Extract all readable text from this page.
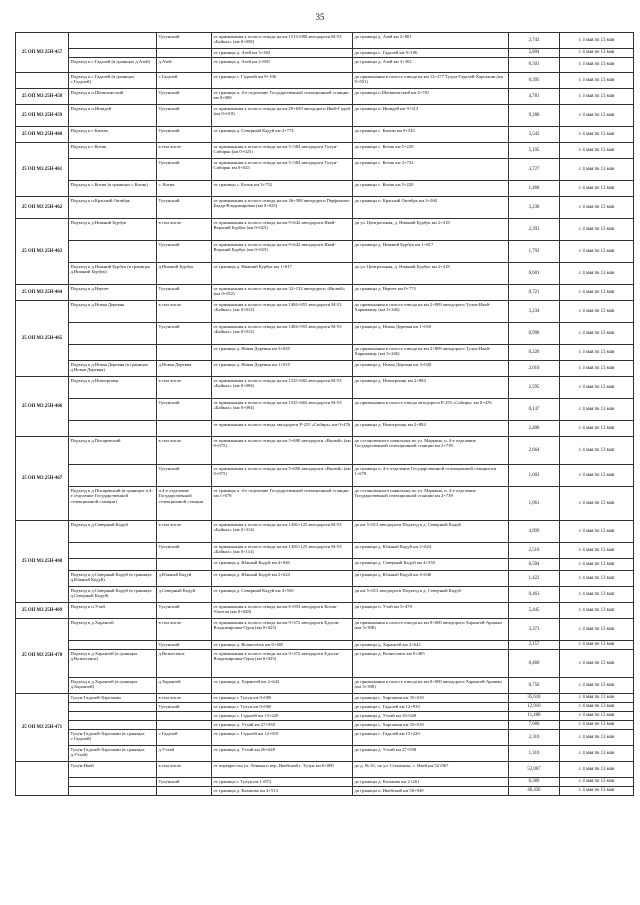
35
25 ОП МЗ 25Н-457		Тулунский	от примыкания к полосе отвода на км 1513+080 автодороги М-53 «Байкал» (км 0+058)	до границы д. Азей км 2+801	2,743	с 4 мая по 13 мая
			от границы д. Азей км 3+302	до границы с. Гадалей км 9+106	5,804	с 4 мая по 13 мая
	Подъезд к с.Гадалей (в границах д.Азей)	д.Азей	от границы д. Азей км 2+801	до границы д. Азей км 3+302	0,501	с 4 мая по 13 мая
	Подъезд к с.Гадалей (в границах с.Гадалей)	с.Гадалей	от границы с. Гадалей км 9+106	до примыкания к полосе отвода на км 12+277 Тулун-Гадалей-Харгажин (км 9+501)	0,395	с 4 мая по 13 мая
25 ОП МЗ 25Н-458	Подъезд к п.Шепшенгский	Тулунский	от границы п. 4-е отделение Государственной селекционной станции км 0+000	до границы п.Шепшенгский км 4+781	4,781	с 4 мая по 13 мая
25 ОП МЗ 25Н-459	Подъезд к п.Ишидей	Тулунский	от примыкания к полосе отвода на км 29+639 автодороги Икей-Гадуй (км 0+018)	до границы п. Ишидей км 9+313	9,288	с 4 мая по 13 мая
25 ОП МЗ 25Н-460	Подъезд к с.Килим	Тулунский	от границы д. Северный Кадуй км 4+774	до границы с. Килим км 9+543	3,543	с 4 мая по 13 мая
25 ОП МЗ 25Н-461	Подъезд к с.Котик	в том числе	от примыкания к полосе отвода на км 5+384 автодороги Тулун-Сибиряк (км 0+025)	до границы с. Котик км 5+220	5,195	с 4 мая по 13 мая
		Тулунский	от примыкания к полосе отвода на км 5+384 автодороги Тулун-Сибиряк км 0+025	до границы с. Котик км 3+752	3,727	с 4 мая по 13 мая
	Подъезд к с.Котик (в границах с.Котик)	с. Котик	от границы с. Котик км 3+752	до границы с. Котик км 5+220	1,468	с 4 мая по 13 мая
25 ОП МЗ 25Н-462	Подъезд к п.Красный Октябрь	Тулунский	от примыкания к полосе отвода на км 36+588 автодороги Перфилово-Бадар-Владимировка (км 0+025)	до границы п. Красный Октябрь км 3+260	3,238	с 4 мая по 13 мая
25 ОП МЗ 25Н-463	Подъезд к д.Нижний Бурбук	в том числе	от примыкания к полосе отвода на км 9+642 автодороги Икей-Верхний Бурбук (км 0+025)	до ул. Центральная, д. Нижний Бурбук км 2+418	2,393	с 4 мая по 13 мая
		Тулунский	от примыкания к полосе отвода на км 9+642 автодороги Икей-Верхний Бурбук (км 0+025)	до границы д. Нижний Бурбук км 1+817	1,792	с 4 мая по 13 мая
	Подъезд к д.Нижний Бурбук (в границах д.Нижний Бурбук)	д.Нижний Бурбук	от границы д. Нижний Бурбук км 1+817	до ул. Центральная, д. Нижний Бурбук км 2+418	0,601	с 4 мая по 13 мая
25 ОП МЗ 25Н-464	Подъезд к д.Нерчет	Тулунский	от примыкания к полосе отвода на км 32+132 автодороги «Вилюй» (км 0+052)	до границы д. Нерчет км 0+773	0,721	с 4 мая по 13 мая
25 ОП МЗ 25Н-465	Подъезд к д.Новая Деревня	в том числе	от примыкания к полосе отвода на км 1484+955 автодороги М-53 «Байкал» (км 0+012)	до примыкания к полосе отвода на км 2+809 автодороги Тулун-Икей-Харкмажну (км 3+246)	3,234	с 4 мая по 13 мая
		Тулунский	от примыкания к полосе отвода на км 1484+955 автодороги М-53 «Байкал» (км 0+012)	до границы д. Новая Деревня км 1+010	0,998	с 4 мая по 13 мая
			от границы д. Новая Деревня км 3+020	до примыкания к полосе отвода на км 2+809 автодороги Тулун-Икей-Харкмажну (км 3+246)	0,226	с 4 мая по 13 мая
	Подъезд к д.Новая Деревня (в границах д.Новая Деревня)	д.Новая Деревня	от границы д. Новая Деревня км 1+010	до границы д. Новая Деревня км 3+020	2,010	с 4 мая по 13 мая
25 ОП МЗ 25Н-466	Подъезд к д.Новотроицк	в том числе	от примыкания к полосе отвода на км 1525+665 автодороги М-53 «Байкал» (км 0+094)	до границы д. Новотроицк км 2+884	2,595	с 4 мая по 13 мая
		Тулунский	от примыкания к полосе отвода на км 1525+665 автодороги М-53 «Байкал» (км 0+094)	до примыкания к полосе отвода автодороги Р-255 «Сибирь» км 0+476	0,147	с 4 мая по 13 мая
			от примыкания к полосе отвода автодороги Р-255 «Сибирь» км 0+476	до границы д. Новотроицк км 2+884	2,408	с 4 мая по 13 мая
25 ОП МЗ 25Н-467	Подъезд к д.Писаревский	в том числе	от примыкания к полосе отвода на км 5+690 автодороги «Вилюй» (км 0+075)	до остановочного павильона по ул. Маркина, п. 4-е отделение Государственной селекционной станции км 2+739	2,664	с 4 мая по 13 мая
		Тулунский	от примыкания к полосе отвода на км 5+690 автодороги «Вилюй» (км 0+075)	до границы п. 4-е отделение Государственной селекционной станции км 1+678	1,603	с 4 мая по 13 мая
	Подъезд к д.Писаревский (в границах п.4-е отделение Государственной селекционной станции)	п.4-е отделение Государственной селекционной станции	от границы п. 4-е отделение Государственной селекционной станции км 1+678	до остановочного павильона по ул. Маркина, п. 4-е отделение Государственной селекционной станции км 2+739	1,061	с 4 мая по 13 мая
25 ОП МЗ 25Н-468	Подъезд к д.Северный Кадуй	в том числе	от примыкания к полосе отвода на км 1456+125 автодороги М-53 «Байкал» (км 0+314)	до км 5+013 автодороги Подъезд к д. Северный Кадуй	4,899	с 4 мая по 13 мая
		Тулунский	от примыкания к полосе отвода на км 1456+125 автодороги М-53 «Байкал» (км 0+114)	до границы д. Южный Кадуй км 2+624	2,510	с 4 мая по 13 мая
			от границы д. Южный Кадуй км 4+046	до границы д. Северный Кадуй км 4+550	0,504	с 4 мая по 13 мая
	Подъезд к д.Северный Кадуй (в границах д.Южный Кадуй)	д.Южный Кадуй	от границы д. Южный Кадуй км 2+624	до границы д. Южный Кадуй км 4+046	1,422	с 4 мая по 13 мая
	Подъезд к д.Северный Кадуй (в границах д.Северный Кадуй)	д.Северный Кадуй	от границы д. Северный Кадуй км 4+550	до км 5+013 автодороги Подъезд к д. Северный Кадуй	0,463	с 4 мая по 13 мая
25 ОП МЗ 25Н-469	Подъезд к п.Утай	Тулунский	от примыкания к полосе отвода на км 6+853 автодороги Котик-Ульетая (км 0+028)	до границы п. Утай км 5+470	5,445	с 4 мая по 13 мая
25 ОП МЗ 25Н-470	Подъезд к д.Харантей	в том числе	от примыкания к полосе отвода на км 9+372 автодороги Едогон-Владимировка-Одон (км 0+025)	до примыкания к полосе отвода на км 0+000 автодороги Харантей-Арашан (км 3+398)	3,373	с 4 мая по 13 мая
		Тулунский	от границы д. Вознесенск км 0+485	до границы д. Харантей км 2+642	2,157	с 4 мая по 13 мая
	Подъезд к д.Харантей (в границах д.Вознесенск)	д.Вознесенск	от примыкания к полосе отвода на км 9+372 автодороги Едогон-Владимировка-Одон (км 0+025)	до границы д. Вознесенск км 0+485	0,460	с 4 мая по 13 мая
	Подъезд к д.Харантей (в границах д.Харантей)	д.Харантей	от границы д. Харантей км 2+642	до примыкания к полосе отвода на км 0+000 автодороги Харантей-Арашан (км 3+398)	0,756	с 4 мая по 13 мая
25 ОП МЗ 25Н-471	Тулун-Гадалей-Харгажин	в том числе	от границы г. Тулун км 0+000	до границы с. Харгажин км 35+618	35,618	с 4 мая по 13 мая
		Тулунский	от границы г. Тулун км 0+000	до границы с. Гадалей км 12+910	12,910	с 4 мая по 13 мая
			от границы с. Гадалей км 15+220	до границы д. Утхай км 26+628	11,408	с 4 мая по 13 мая
			от границы д. Утхай км 27+938	до границы с. Харгажин км 35+618	7,680	с 4 мая по 13 мая
	Тулун-Гадалей-Харгажин (в границах с.Гадалей)	с.Гадалей	от границы с. Гадалей км 12+910	до границы с. Гадалей км 15+220	2,310	с 4 мая по 13 мая
	Тулун-Гадалей-Харгажин (в границах д.Утхай)	д.Утхай	от границы д. Утхай км 26+628	до границы д. Утхай км 27+938	1,310	с 4 мая по 13 мая
	Тулун-Икей	в том числе	от перекрестка ул. Ленина и пер. Икейский г. Тулун км 0+000	до д. № 61, по ул. Степанова, с. Икей км 52+067	52,067	с 4 мая по 13 мая
		Тулунский	от границы г. Тулун км 1+872	до границы д. Казакова км 2+261	0,389	с 4 мая по 13 мая
			от границы д. Казакова км 4+513	до границы п. Икейский км 50+949	46,436	с 4 мая по 13 мая
